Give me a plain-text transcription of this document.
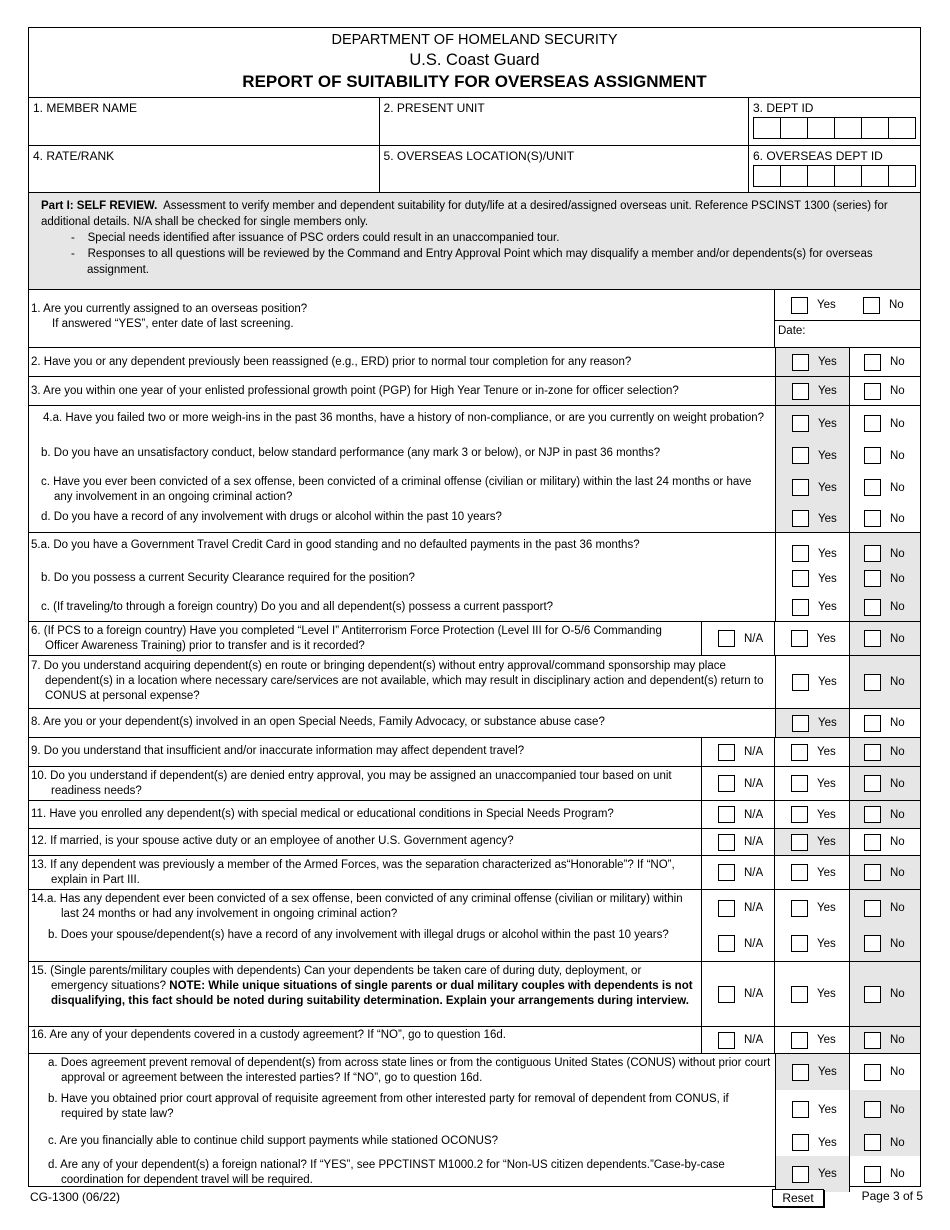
DEPARTMENT OF HOMELAND SECURITY
U.S. Coast Guard
REPORT OF SUITABILITY FOR OVERSEAS ASSIGNMENT
1. MEMBER NAME	2. PRESENT UNIT	3. DEPT ID
4. RATE/RANK	5. OVERSEAS LOCATION(S)/UNIT	6. OVERSEAS DEPT ID
Part I: SELF REVIEW. Assessment to verify member and dependent suitability for duty/life at a desired/assigned overseas unit. Reference PSCINST 1300 (series) for additional details. N/A shall be checked for single members only.
- Special needs identified after issuance of PSC orders could result in an unaccompanied tour.
- Responses to all questions will be reviewed by the Command and Entry Approval Point which may disqualify a member and/or dependents(s) for overseas assignment.
1. Are you currently assigned to an overseas position?
If answered “YES”, enter date of last screening.
Yes	No
Date:
2. Have you or any dependent previously been reassigned (e.g., ERD) prior to normal tour completion for any reason?	Yes	No
3. Are you within one year of your enlisted professional growth point (PGP) for High Year Tenure or in-zone for officer selection?	Yes	No
4.a. Have you failed two or more weigh-ins in the past 36 months, have a history of non-compliance, or are you currently on weight probation?	Yes	No
b. Do you have an unsatisfactory conduct, below standard performance (any mark 3 or below), or NJP in past 36 months?	Yes	No
c. Have you ever been convicted of a sex offense, been convicted of a criminal offense (civilian or military) within the last 24 months or have any involvement in an ongoing criminal action?
Yes	No
d. Do you have a record of any involvement with drugs or alcohol within the past 10 years?	Yes	No
5.a. Do you have a Government Travel Credit Card in good standing and no defaulted payments in the past 36 months?
Yes	No
b. Do you possess a current Security Clearance required for the position?	Yes	No
c. (If traveling/to through a foreign country) Do you and all dependent(s) possess a current passport?	Yes	No
6. (If PCS to a foreign country) Have you completed “Level I” Antiterrorism Force Protection (Level III for O-5/6 Commanding Officer Awareness Training) prior to transfer and is it recorded?
N/A	Yes	No
7. Do you understand acquiring dependent(s) en route or bringing dependent(s) without entry approval/command sponsorship may place dependent(s) in a location where necessary care/services are not available, which may result in disciplinary action and dependent(s) return to CONUS at personal expense?
Yes	No
8. Are you or your dependent(s) involved in an open Special Needs, Family Advocacy, or substance abuse case?	Yes	No
9. Do you understand that insufficient and/or inaccurate information may affect dependent travel?	N/A	Yes	No
10. Do you understand if dependent(s) are denied entry approval, you may be assigned an unaccompanied tour based on unit readiness needs?
N/A	Yes	No
11. Have you enrolled any dependent(s) with special medical or educational conditions in Special Needs Program?	N/A	Yes	No
12. If married, is your spouse active duty or an employee of another U.S. Government agency?	N/A	Yes	No
13. If any dependent was previously a member of the Armed Forces, was the separation characterized as“Honorable”? If “NO”, explain in Part III.
N/A	Yes	No
14.a. Has any dependent ever been convicted of a sex offense, been convicted of any criminal offense (civilian or military) within last 24 months or had any involvement in ongoing criminal action?	N/A	Yes	No
b. Does your spouse/dependent(s) have a record of any involvement with illegal drugs or alcohol within the past 10 years?
N/A	Yes	No
15. (Single parents/military couples with dependents) Can your dependents be taken care of during duty, deployment, or emergency situations? NOTE: While unique situations of single parents or dual military couples with dependents is not disqualifying, this fact should be noted during suitability determination. Explain your arrangements during interview.
N/A	Yes	No
16. Are any of your dependents covered in a custody agreement? If “NO”, go to question 16d.	N/A	Yes	No
a. Does agreement prevent removal of dependent(s) from across state lines or from the contiguous United States (CONUS) without prior court approval or agreement between the interested parties? If “NO”, go to question 16d.	Yes	No
b. Have you obtained prior court approval of requisite agreement from other interested party for removal of dependent from CONUS, if required by state law?	Yes	No
c. Are you financially able to continue child support payments while stationed OCONUS?	Yes	No
d. Are any of your dependent(s) a foreign national? If “YES”, see PPCTINST M1000.2 for “Non-US citizen dependents.”Case-by-case coordination for dependent travel will be required.	Yes	No
CG-1300 (06/22)	Reset	Page 3 of 5
